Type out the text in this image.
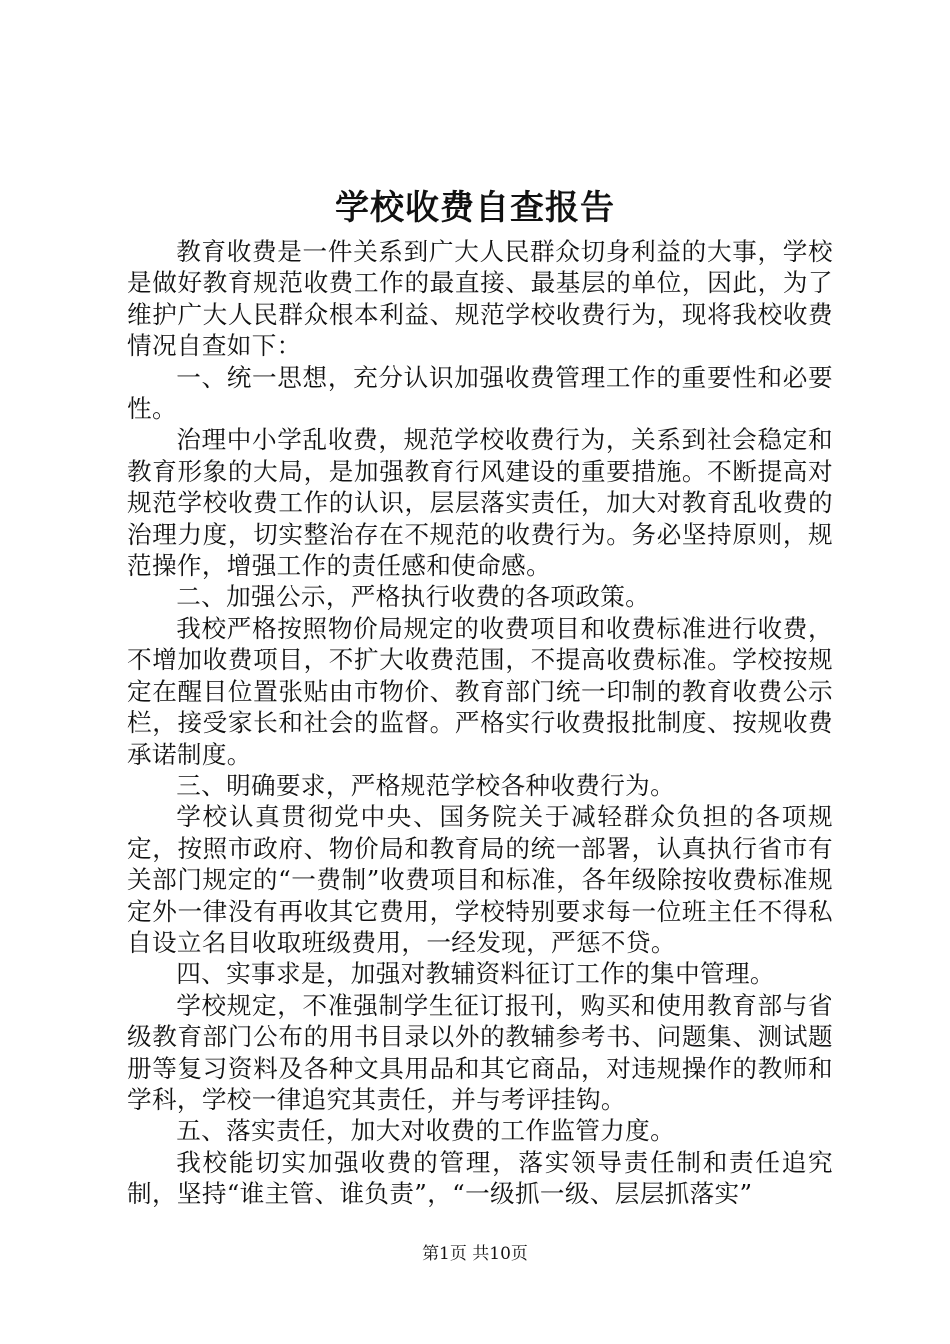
学校收费自查报告

教育收费是一件关系到广大人民群众切身利益的大事，学校是做好教育规范收费工作的最直接、最基层的单位，因此，为了维护广大人民群众根本利益、规范学校收费行为，现将我校收费情况自查如下：

一、统一思想，充分认识加强收费管理工作的重要性和必要性。

治理中小学乱收费，规范学校收费行为，关系到社会稳定和教育形象的大局，是加强教育行风建设的重要措施。不断提高对规范学校收费工作的认识，层层落实责任，加大对教育乱收费的治理力度，切实整治存在不规范的收费行为。务必坚持原则，规范操作，增强工作的责任感和使命感。

二、加强公示，严格执行收费的各项政策。

我校严格按照物价局规定的收费项目和收费标准进行收费，不增加收费项目，不扩大收费范围，不提高收费标准。学校按规定在醒目位置张贴由市物价、教育部门统一印制的教育收费公示栏，接受家长和社会的监督。严格实行收费报批制度、按规收费承诺制度。

三、明确要求，严格规范学校各种收费行为。

学校认真贯彻党中央、国务院关于减轻群众负担的各项规定，按照市政府、物价局和教育局的统一部署，认真执行省市有关部门规定的“一费制”收费项目和标准，各年级除按收费标准规定外一律没有再收其它费用，学校特别要求每一位班主任不得私自设立名目收取班级费用，一经发现，严惩不贷。

四、实事求是，加强对教辅资料征订工作的集中管理。

学校规定，不准强制学生征订报刊，购买和使用教育部与省级教育部门公布的用书目录以外的教辅参考书、问题集、测试题册等复习资料及各种文具用品和其它商品，对违规操作的教师和学科，学校一律追究其责任，并与考评挂钩。

五、落实责任，加大对收费的工作监管力度。

我校能切实加强收费的管理，落实领导责任制和责任追究制，坚持“谁主管、谁负责”，“一级抓一级、层层抓落实”

第1页 共10页
